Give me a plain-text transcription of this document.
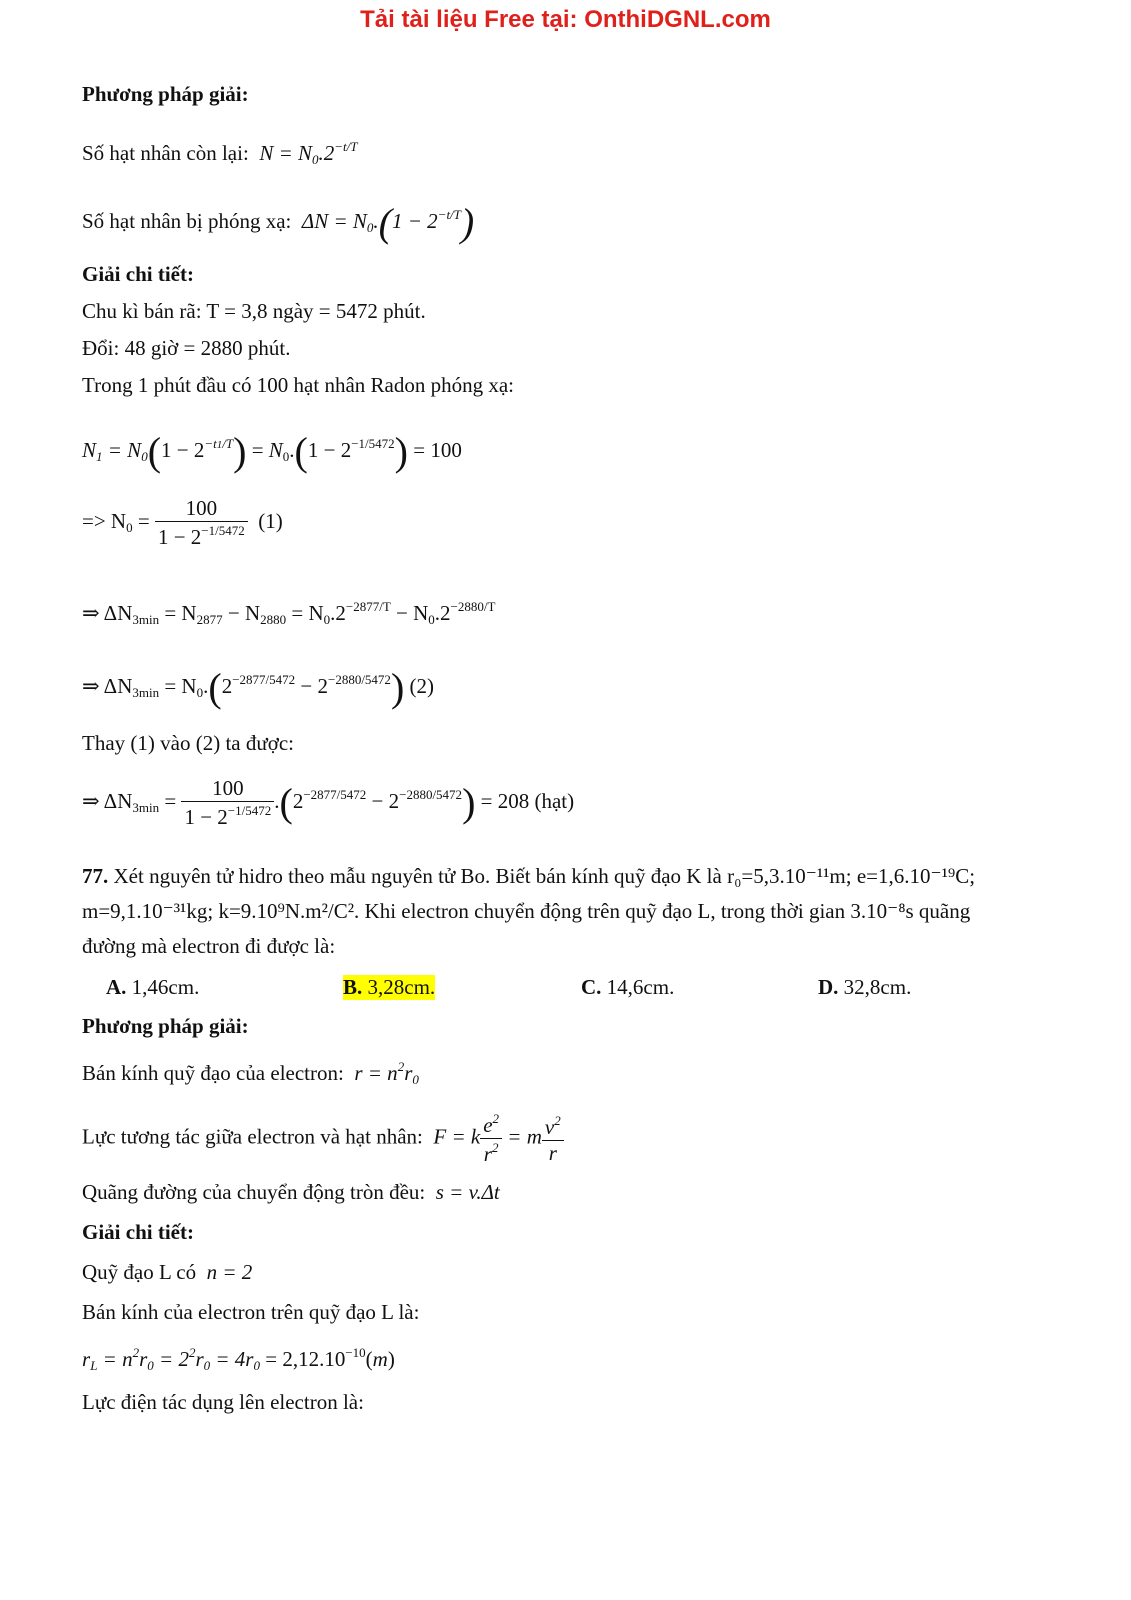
Tải tài liệu Free tại: OnthiDGNL.com
Phương pháp giải:
Số hạt nhân còn lại:  $N = N_0.2^{-t/T}$
Số hạt nhân bị phóng xạ:  $\Delta N = N_0.(1 - 2^{-t/T})$
Giải chi tiết:
Chu kì bán rã: T = 3,8 ngày = 5472 phút.
Đổi: 48 giờ = 2880 phút.
Trong 1 phút đầu có 100 hạt nhân Radon phóng xạ:
$N_1 = N_0(1 - 2^{-t1/T}) = N_0.(1 - 2^{-1/5472}) = 100$
=> $N_0 = \frac{100}{1 - 2^{-1/5472}} (1)$
⇒ $\Delta N_{3min} = N_{2877} - N_{2880} = N_0.2^{-2877/T} - N_0.2^{-2880/T}$
⇒ $\Delta N_{3min} = N_0.(2^{-2877/5472} - 2^{-2880/5472})$ (2)
Thay (1) vào (2) ta được:
⇒ $\Delta N_{3min} = \frac{100}{1 - 2^{-1/5472}} .(2^{-2877/5472} - 2^{-2880/5472}) = 208$ (hạt)
77. Xét nguyên tử hidro theo mẫu nguyên tử Bo. Biết bán kính quỹ đạo K là r₀=5,3.10⁻¹¹m; e=1,6.10⁻¹⁹C;
m=9,1.10⁻³¹kg; k=9.10⁹N.m²/C². Khi electron chuyển động trên quỹ đạo L, trong thời gian 3.10⁻⁸s quãng
đường mà electron đi được là:
A. 1,46cm.	B. 3,28cm.	C. 14,6cm.	D. 32,8cm.
Phương pháp giải:
Bán kính quỹ đạo của electron:  $r = n^2r_0$
Lực tương tác giữa electron và hạt nhân:  F = k $\frac{e^2}{r^2} = m \frac{v^2}{r}$
Quãng đường của chuyển động tròn đều:  s = v.Δt
Giải chi tiết:
Quỹ đạo L có  n = 2
Bán kính của electron trên quỹ đạo L là:
$r_L = n^2r_0 = 2^2r_0 = 4r_0 = 2,12.10^{-10}(m)$
Lực điện tác dụng lên electron là:
